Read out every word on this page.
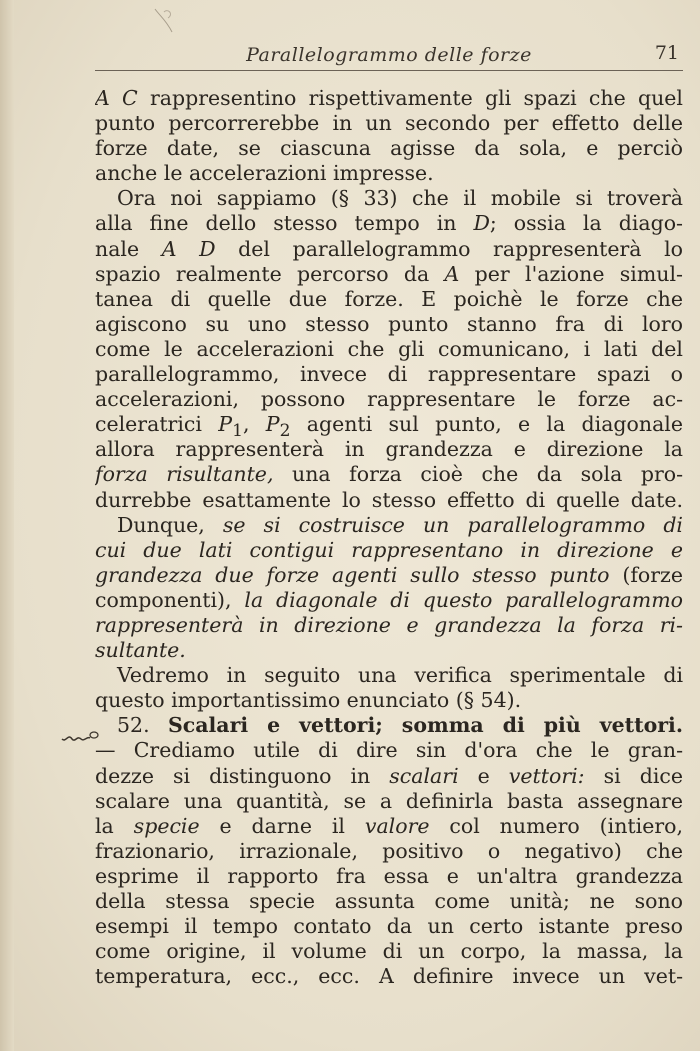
Parallelogrammo delle forze	71
A C rappresentino rispettivamente gli spazi che quel
punto percorrerebbe in un secondo per effetto delle
forze date, se ciascuna agisse da sola, e perciò
anche le accelerazioni impresse.
Ora noi sappiamo (§ 33) che il mobile si troverà
alla fine dello stesso tempo in D; ossia la diago-
nale A D del parallelogrammo rappresenterà lo
spazio realmente percorso da A per l'azione simul-
tanea di quelle due forze. E poichè le forze che
agiscono su uno stesso punto stanno fra di loro
come le accelerazioni che gli comunicano, i lati del
parallelogrammo, invece di rappresentare spazi o
accelerazioni, possono rappresentare le forze ac-
celeratrici $P_1$, $P_2$ agenti sul punto, e la diagonale
allora rappresenterà in grandezza e direzione la
forza risultante, una forza cioè che da sola pro-
durrebbe esattamente lo stesso effetto di quelle date.
Dunque, se si costruisce un parallelogrammo di
cui due lati contigui rappresentano in direzione e
grandezza due forze agenti sullo stesso punto (forze
componenti), la diagonale di questo parallelogrammo
rappresenterà in direzione e grandezza la forza ri-
sultante.
Vedremo in seguito una verifica sperimentale di
questo importantissimo enunciato (§ 54).
52. Scalari e vettori; somma di più vettori.
— Crediamo utile di dire sin d'ora che le gran-
dezze si distinguono in scalari e vettori: si dice
scalare una quantità, se a definirla basta assegnare
la specie e darne il valore col numero (intiero,
frazionario, irrazionale, positivo o negativo) che
esprime il rapporto fra essa e un'altra grandezza
della stessa specie assunta come unità; ne sono
esempi il tempo contato da un certo istante preso
come origine, il volume di un corpo, la massa, la
temperatura, ecc., ecc. A definire invece un vet-
